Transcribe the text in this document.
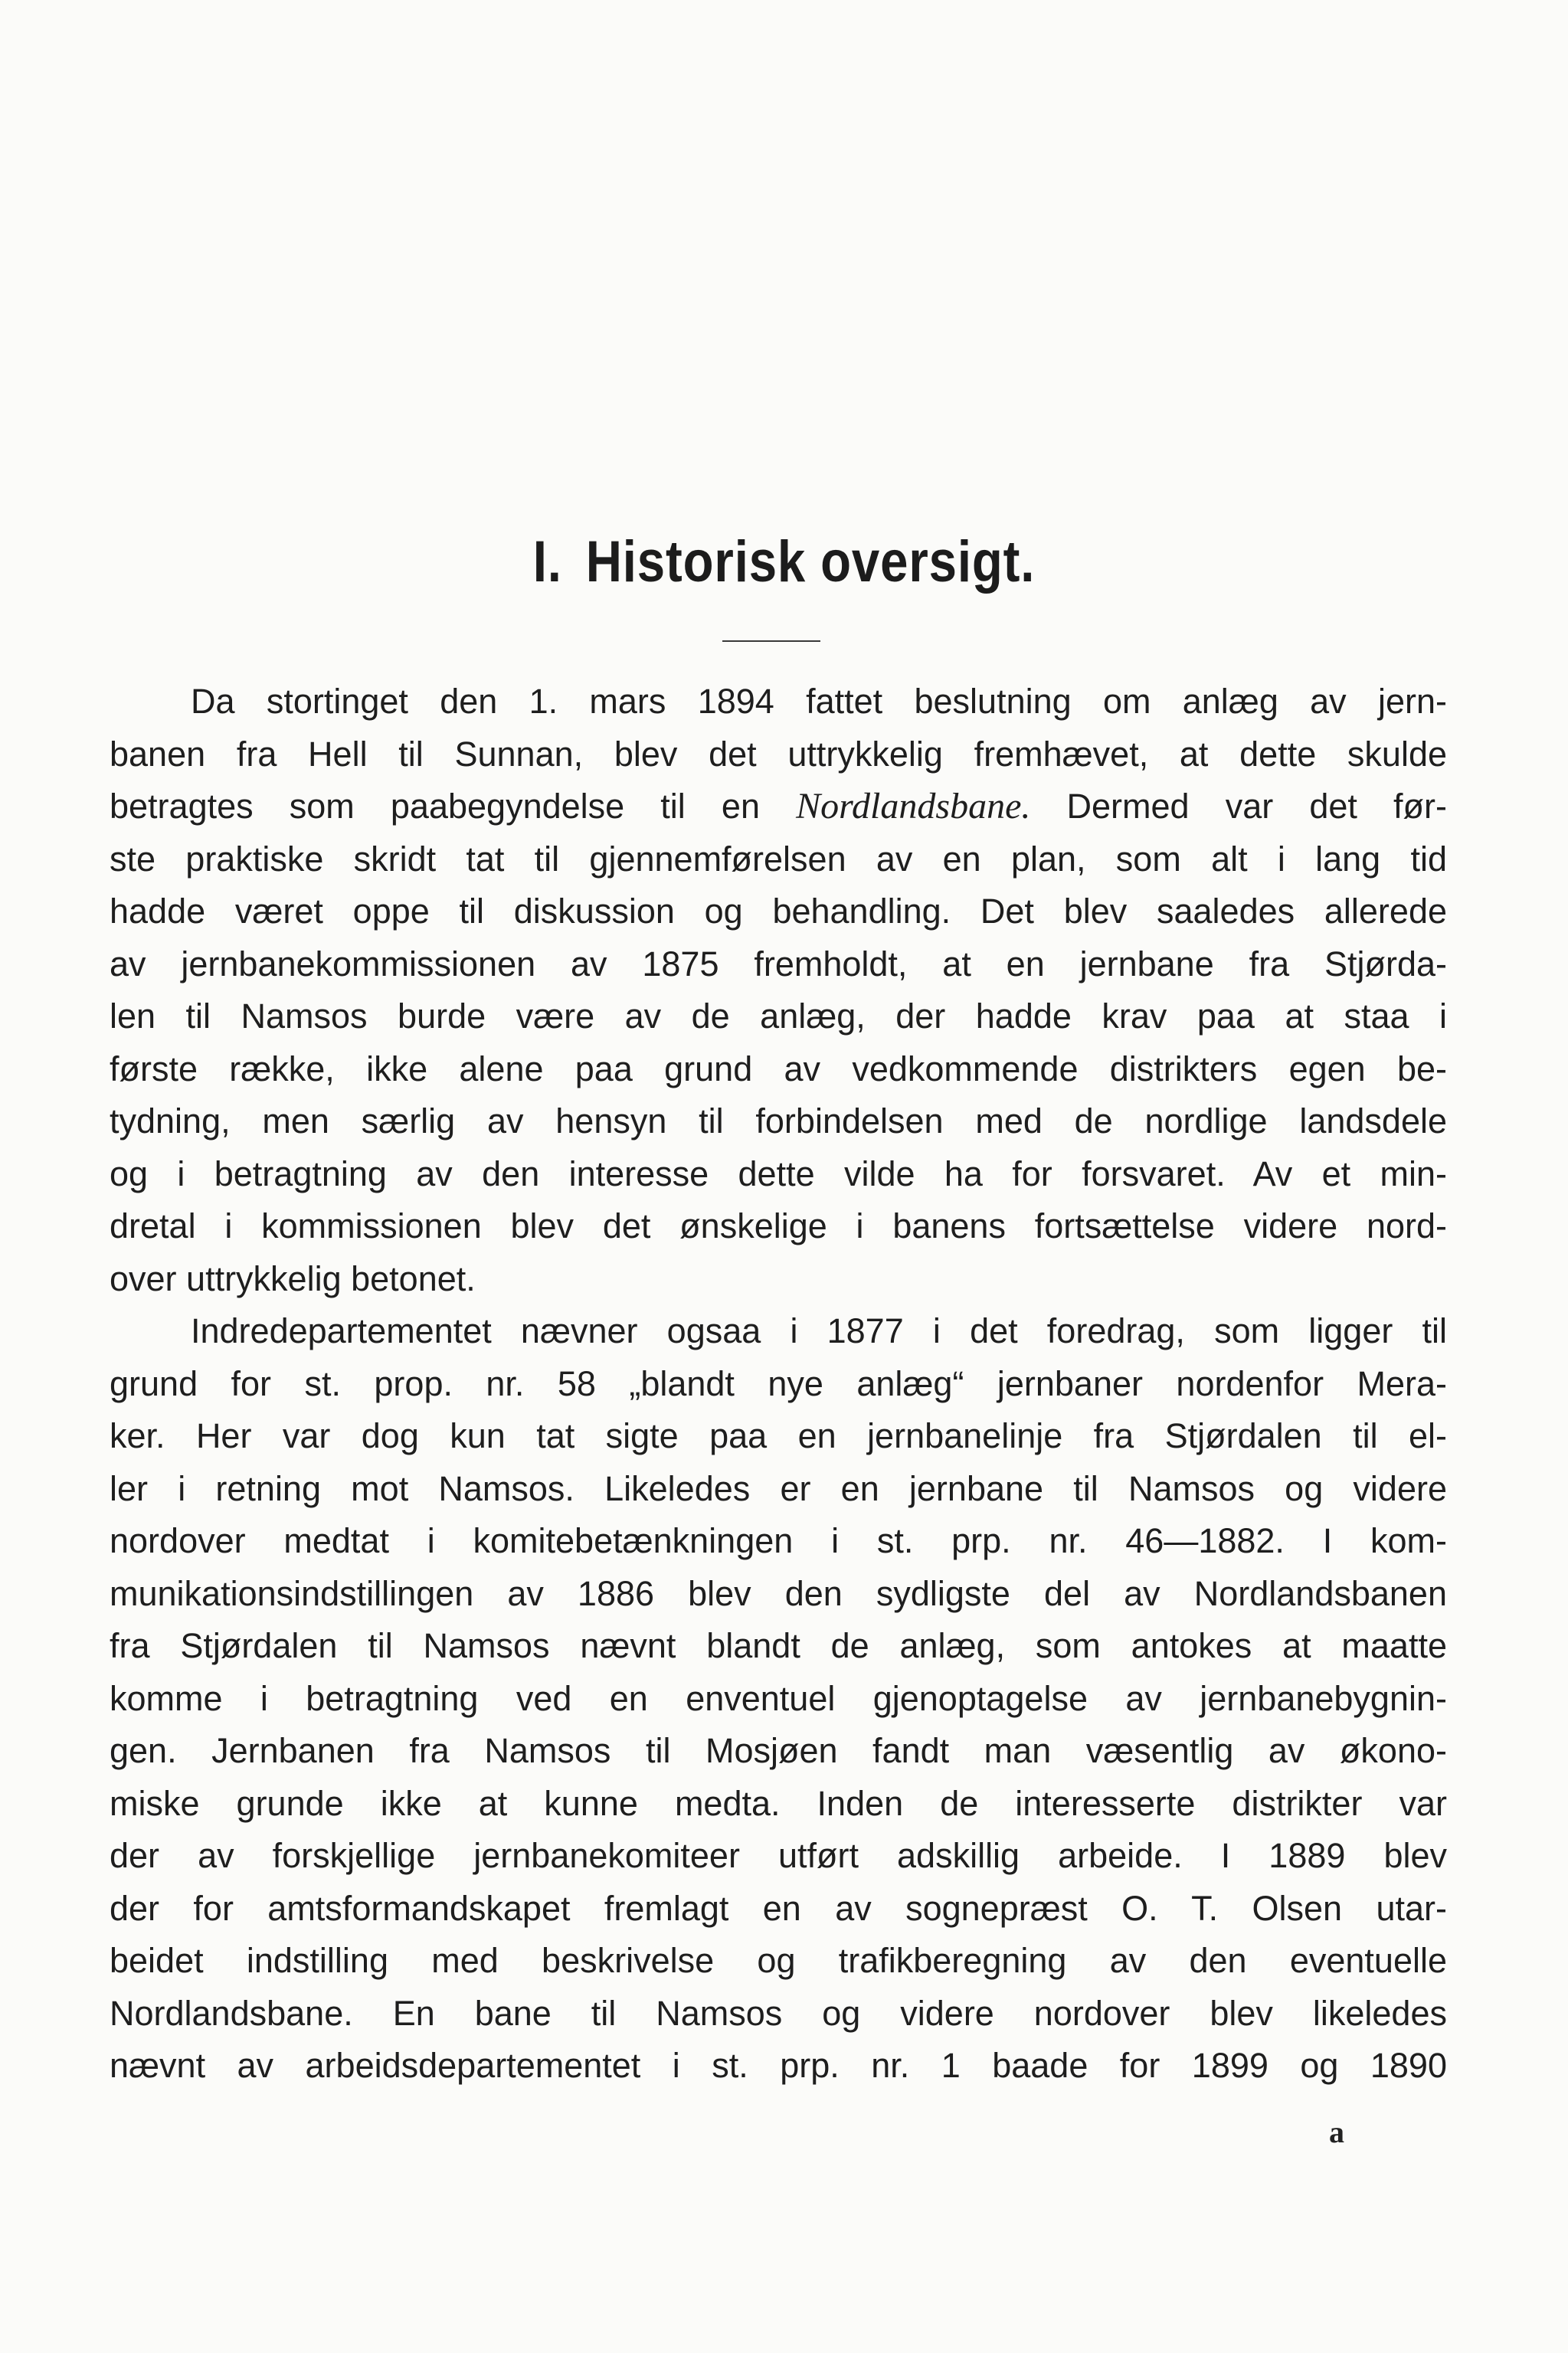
I. Historisk oversigt.
Da stortinget den 1. mars 1894 fattet beslutning om anlæg av jern-
banen fra Hell til Sunnan, blev det uttrykkelig fremhævet, at dette skulde
betragtes som paabegyndelse til en Nordlandsbane. Dermed var det før-
ste praktiske skridt tat til gjennemførelsen av en plan, som alt i lang tid
hadde været oppe til diskussion og behandling. Det blev saaledes allerede
av jernbanekommissionen av 1875 fremholdt, at en jernbane fra Stjørda-
len til Namsos burde være av de anlæg, der hadde krav paa at staa i
første række, ikke alene paa grund av vedkommende distrikters egen be-
tydning, men særlig av hensyn til forbindelsen med de nordlige landsdele
og i betragtning av den interesse dette vilde ha for forsvaret. Av et min-
dretal i kommissionen blev det ønskelige i banens fortsættelse videre nord-
over uttrykkelig betonet.
Indredepartementet nævner ogsaa i 1877 i det foredrag, som ligger til
grund for st. prop. nr. 58 „blandt nye anlæg“ jernbaner nordenfor Mera-
ker. Her var dog kun tat sigte paa en jernbanelinje fra Stjørdalen til el-
ler i retning mot Namsos. Likeledes er en jernbane til Namsos og videre
nordover medtat i komitebetænkningen i st. prp. nr. 46—1882. I kom-
munikationsindstillingen av 1886 blev den sydligste del av Nordlandsbanen
fra Stjørdalen til Namsos nævnt blandt de anlæg, som antokes at maatte
komme i betragtning ved en enventuel gjenoptagelse av jernbanebygnin-
gen. Jernbanen fra Namsos til Mosjøen fandt man væsentlig av økono-
miske grunde ikke at kunne medta. Inden de interesserte distrikter var
der av forskjellige jernbanekomiteer utført adskillig arbeide. I 1889 blev
der for amtsformandskapet fremlagt en av sognepræst O. T. Olsen utar-
beidet indstilling med beskrivelse og trafikberegning av den eventuelle
Nordlandsbane. En bane til Namsos og videre nordover blev likeledes
nævnt av arbeidsdepartementet i st. prp. nr. 1 baade for 1899 og 1890
a
